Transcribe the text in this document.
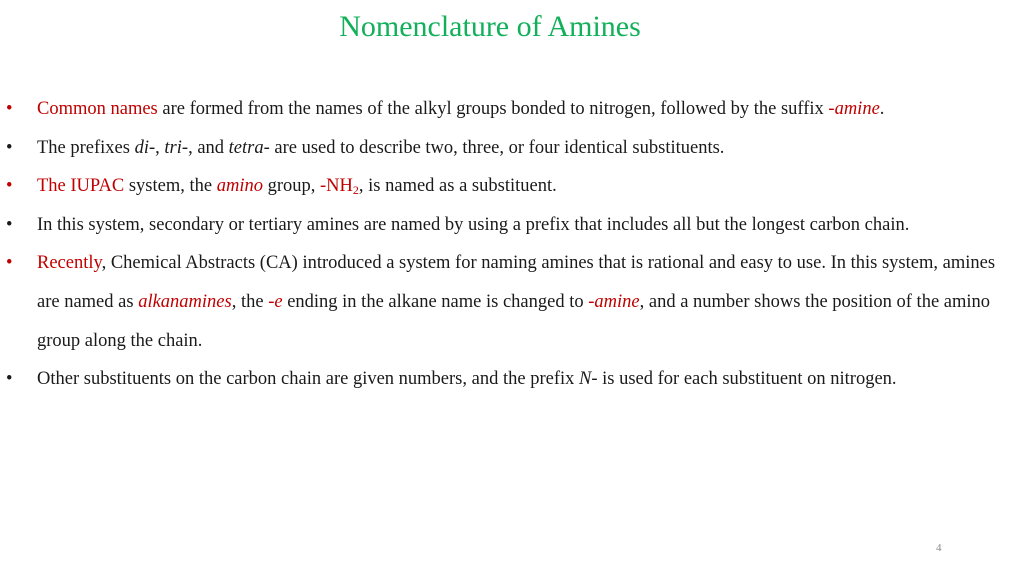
Nomenclature of Amines
• Common names are formed from the names of the alkyl groups bonded to nitrogen, followed by the suffix -amine.
• The prefixes di-, tri-, and tetra- are used to describe two, three, or four identical substituents.
• The IUPAC system, the amino group, $-NH_2$, is named as a substituent.
• In this system, secondary or tertiary amines are named by using a prefix that includes all but the longest carbon chain.
• Recently, Chemical Abstracts (CA) introduced a system for naming amines that is rational and easy to use. In this system, amines are named as alkanamines, the -e ending in the alkane name is changed to -amine, and a number shows the position of the amino group along the chain.
• Other substituents on the carbon chain are given numbers, and the prefix N- is used for each substituent on nitrogen.
4
